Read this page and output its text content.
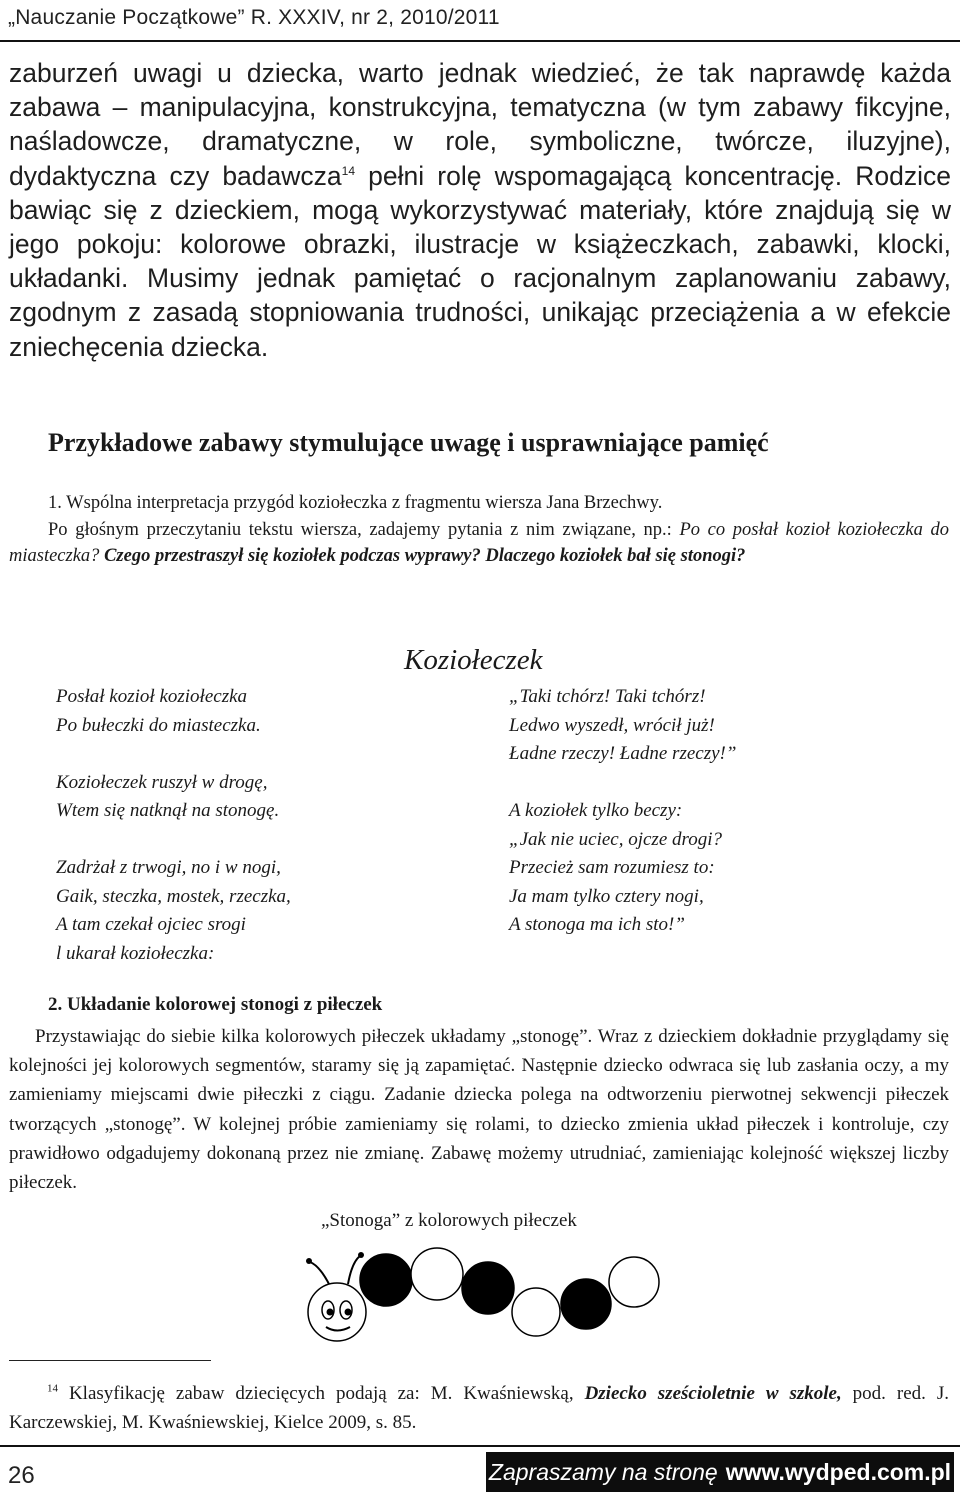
„Nauczanie Początkowe” R. XXXIV, nr 2, 2010/2011
zaburzeń uwagi u dziecka, warto jednak wiedzieć, że tak naprawdę każda zabawa – manipulacyjna, konstrukcyjna, tematyczna (w tym zabawy fikcyjne, naśladowcze, dramatyczne, w role, symboliczne, twórcze, iluzyjne), dydaktyczna czy badawcza$^{14}$ pełni rolę wspomagającą koncentrację. Rodzice bawiąc się z dzieckiem, mogą wykorzystywać materiały, które znajdują się w jego pokoju: kolorowe obrazki, ilustracje w książeczkach, zabawki, klocki, układanki. Musimy jednak pamiętać o racjonalnym zaplanowaniu zabawy, zgodnym z zasadą stopniowania trudności, unikając przeciążenia a w efekcie zniechęcenia dziecka.
Przykładowe zabawy stymulujące uwagę i usprawniające pamięć
1. Wspólna interpretacja przygód koziołeczka z fragmentu wiersza Jana Brzechwy.
Po głośnym przeczytaniu tekstu wiersza, zadajemy pytania z nim związane, np.: Po co posłał kozioł koziołeczka do miasteczka? Czego przestraszył się koziołek podczas wyprawy? Dlaczego koziołek bał się stonogi?
Koziołeczek
Posłał kozioł koziołeczka
Po bułeczki do miasteczka.
Koziołeczek ruszył w drogę,
Wtem się natknął na stonogę.
Zadrżał z trwogi, no i w nogi,
Gaik, steczka, mostek, rzeczka,
A tam czekał ojciec srogi
l ukarał koziołeczka:
„Taki tchórz! Taki tchórz!
Ledwo wyszedł, wrócił już!
Ładne rzeczy! Ładne rzeczy!”
A koziołek tylko beczy:
„Jak nie uciec, ojcze drogi?
Przecież sam rozumiesz to:
Ja mam tylko cztery nogi,
A stonoga ma ich sto!”
2. Układanie kolorowej stonogi z piłeczek
Przystawiając do siebie kilka kolorowych piłeczek układamy „stonogę”. Wraz z dzieckiem dokładnie przyglądamy się kolejności jej kolorowych segmentów, staramy się ją zapamiętać. Następnie dziecko odwraca się lub zasłania oczy, a my zamieniamy miejscami dwie piłeczki z ciągu. Zadanie dziecka polega na odtworzeniu pierwotnej sekwencji piłeczek tworzących „stonogę”. W kolejnej próbie zamieniamy się rolami, to dziecko zmienia układ piłeczek i kontroluje, czy prawidłowo odgadujemy dokonaną przez nie zmianę. Zabawę możemy utrudniać, zamieniając kolejność większej liczby piłeczek.
„Stonoga” z kolorowych piłeczek
$^{14}$ Klasyfikację zabaw dziecięcych podają za: M. Kwaśniewską, Dziecko sześcioletnie w szkole, pod. red. J. Karczewskiej, M. Kwaśniewskiej, Kielce 2009, s. 85.
26	Zapraszamy na stronę www.wydped.com.pl
